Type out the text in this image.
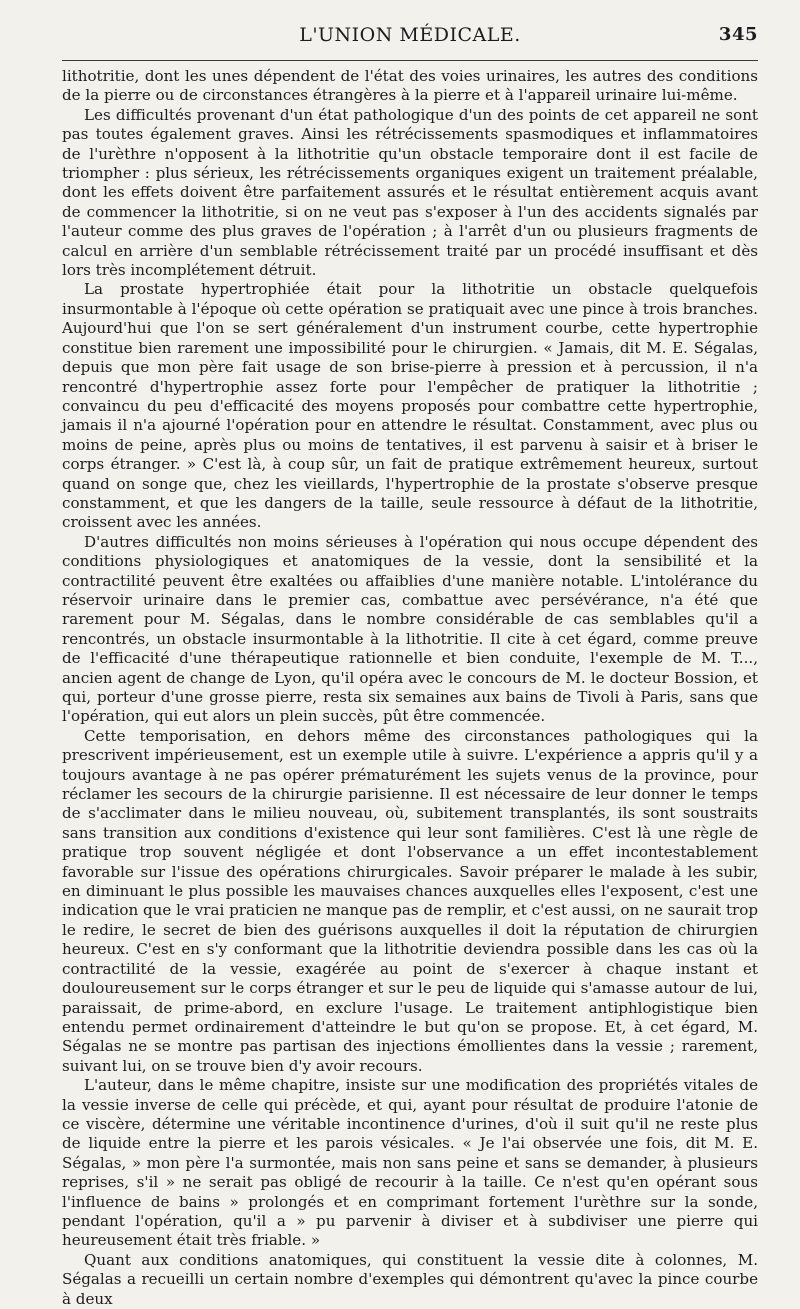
L'UNION MÉDICALE.	345

lithotritie, dont les unes dépendent de l'état des voies urinaires, les autres des conditions de la pierre ou de circonstances étrangères à la pierre et à l'appareil urinaire lui-même.

Les difficultés provenant d'un état pathologique d'un des points de cet appareil ne sont pas toutes également graves. Ainsi les rétrécissements spasmodiques et inflammatoires de l'urèthre n'opposent à la lithotritie qu'un obstacle temporaire dont il est facile de triompher : plus sérieux, les rétrécissements organiques exigent un traitement préalable, dont les effets doivent être parfaitement assurés et le résultat entièrement acquis avant de commencer la lithotritie, si on ne veut pas s'exposer à l'un des accidents signalés par l'auteur comme des plus graves de l'opération ; à l'arrêt d'un ou plusieurs fragments de calcul en arrière d'un semblable rétrécissement traité par un procédé insuffisant et dès lors très incomplétement détruit.

La prostate hypertrophiée était pour la lithotritie un obstacle quelquefois insurmontable à l'époque où cette opération se pratiquait avec une pince à trois branches. Aujourd'hui que l'on se sert généralement d'un instrument courbe, cette hypertrophie constitue bien rarement une impossibilité pour le chirurgien. « Jamais, dit M. E. Ségalas, depuis que mon père fait usage de son brise-pierre à pression et à percussion, il n'a rencontré d'hypertrophie assez forte pour l'empêcher de pratiquer la lithotritie ; convaincu du peu d'efficacité des moyens proposés pour combattre cette hypertrophie, jamais il n'a ajourné l'opération pour en attendre le résultat. Constamment, avec plus ou moins de peine, après plus ou moins de tentatives, il est parvenu à saisir et à briser le corps étranger. » C'est là, à coup sûr, un fait de pratique extrêmement heureux, surtout quand on songe que, chez les vieillards, l'hypertrophie de la prostate s'observe presque constamment, et que les dangers de la taille, seule ressource à défaut de la lithotritie, croissent avec les années.

D'autres difficultés non moins sérieuses à l'opération qui nous occupe dépendent des conditions physiologiques et anatomiques de la vessie, dont la sensibilité et la contractilité peuvent être exaltées ou affaiblies d'une manière notable. L'intolérance du réservoir urinaire dans le premier cas, combattue avec persévérance, n'a été que rarement pour M. Ségalas, dans le nombre considérable de cas semblables qu'il a rencontrés, un obstacle insurmontable à la lithotritie. Il cite à cet égard, comme preuve de l'efficacité d'une thérapeutique rationnelle et bien conduite, l'exemple de M. T..., ancien agent de change de Lyon, qu'il opéra avec le concours de M. le docteur Bossion, et qui, porteur d'une grosse pierre, resta six semaines aux bains de Tivoli à Paris, sans que l'opération, qui eut alors un plein succès, pût être commencée.

Cette temporisation, en dehors même des circonstances pathologiques qui la prescrivent impérieusement, est un exemple utile à suivre. L'expérience a appris qu'il y a toujours avantage à ne pas opérer prématurément les sujets venus de la province, pour réclamer les secours de la chirurgie parisienne. Il est nécessaire de leur donner le temps de s'acclimater dans le milieu nouveau, où, subitement transplantés, ils sont soustraits sans transition aux conditions d'existence qui leur sont familières. C'est là une règle de pratique trop souvent négligée et dont l'observance a un effet incontestablement favorable sur l'issue des opérations chirurgicales. Savoir préparer le malade à les subir, en diminuant le plus possible les mauvaises chances auxquelles elles l'exposent, c'est une indication que le vrai praticien ne manque pas de remplir, et c'est aussi, on ne saurait trop le redire, le secret de bien des guérisons auxquelles il doit la réputation de chirurgien heureux. C'est en s'y conformant que la lithotritie deviendra possible dans les cas où la contractilité de la vessie, exagérée au point de s'exercer à chaque instant et douloureusement sur le corps étranger et sur le peu de liquide qui s'amasse autour de lui, paraissait, de prime-abord, en exclure l'usage. Le traitement antiphlogistique bien entendu permet ordinairement d'atteindre le but qu'on se propose. Et, à cet égard, M. Ségalas ne se montre pas partisan des injections émollientes dans la vessie ; rarement, suivant lui, on se trouve bien d'y avoir recours.

L'auteur, dans le même chapitre, insiste sur une modification des propriétés vitales de la vessie inverse de celle qui précède, et qui, ayant pour résultat de produire l'atonie de ce viscère, détermine une véritable incontinence d'urines, d'où il suit qu'il ne reste plus de liquide entre la pierre et les parois vésicales. « Je l'ai observée une fois, dit M. E. Ségalas, » mon père l'a surmontée, mais non sans peine et sans se demander, à plusieurs reprises, s'il » ne serait pas obligé de recourir à la taille. Ce n'est qu'en opérant sous l'influence de bains » prolongés et en comprimant fortement l'urèthre sur la sonde, pendant l'opération, qu'il a » pu parvenir à diviser et à subdiviser une pierre qui heureusement était très friable. »

Quant aux conditions anatomiques, qui constituent la vessie dite à colonnes, M. Ségalas a recueilli un certain nombre d'exemples qui démontrent qu'avec la pince courbe à deux
